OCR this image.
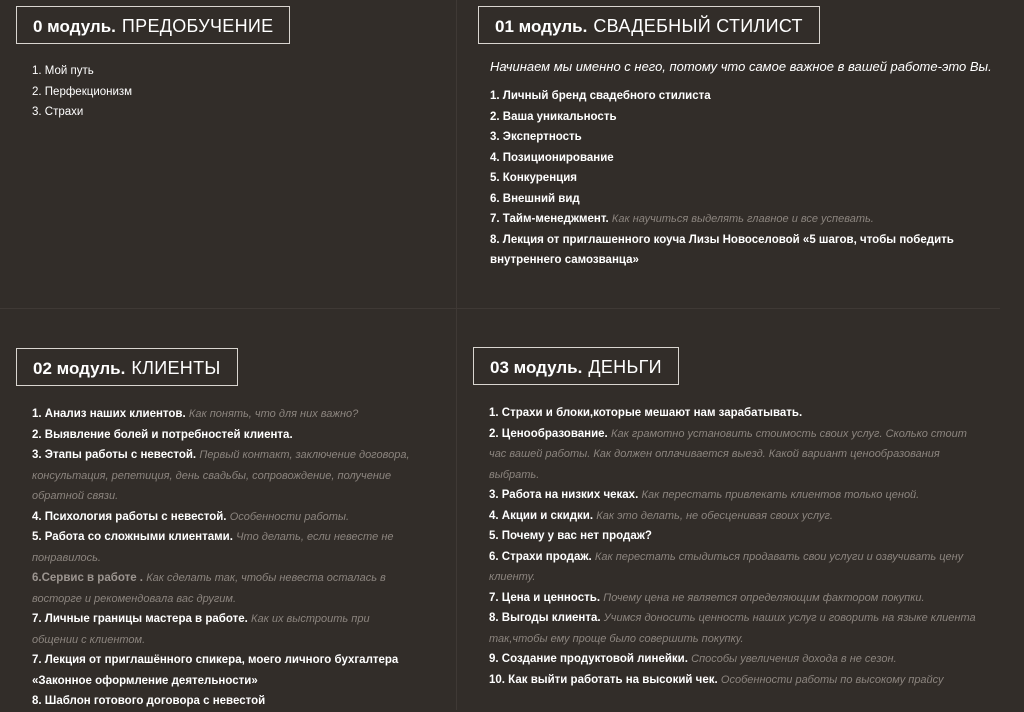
0 модуль. ПРЕДОБУЧЕНИЕ
1. Мой путь
2. Перфекционизм
3. Страхи
01 модуль. СВАДЕБНЫЙ СТИЛИСТ
Начинаем мы именно с него, потому что самое важное в вашей работе-это Вы.
1. Личный бренд свадебного стилиста
2. Ваша уникальность
3. Экспертность
4. Позиционирование
5. Конкуренция
6. Внешний вид
7. Тайм-менеджмент. Как научиться выделять главное и все успевать.
8. Лекция от приглашенного коуча Лизы Новоселовой «5 шагов, чтобы победить внутреннего самозванца»
02 модуль. КЛИЕНТЫ
1. Анализ наших клиентов. Как понять, что для них важно?
2. Выявление болей и потребностей клиента.
3. Этапы работы с невестой. Первый контакт, заключение договора, консультация, репетиция, день свадьбы, сопровождение, получение обратной связи.
4. Психология работы с невестой. Особенности работы.
5. Работа со сложными клиентами. Что делать, если невесте не понравилось.
6.Сервис в работе . Как сделать так, чтобы невеста осталась в восторге и рекомендовала вас другим.
7. Личные границы мастера в работе. Как их выстроить при общении с клиентом.
7. Лекция от приглашённого спикера, моего личного бухгалтера «Законное оформление деятельности»
8. Шаблон готового договора с невестой
03 модуль. ДЕНЬГИ
1. Страхи и блоки,которые мешают нам зарабатывать.
2. Ценообразование. Как грамотно установить стоимость своих услуг. Сколько стоит час вашей работы. Как должен оплачивается выезд. Какой вариант ценообразования выбрать.
3. Работа на низких чеках. Как перестать привлекать клиентов только ценой.
4. Акции и скидки. Как это делать, не обесценивая своих услуг.
5. Почему у вас нет продаж?
6. Страхи продаж. Как перестать стыдиться продавать свои услуги и озвучивать цену клиенту.
7. Цена и ценность. Почему цена не является определяющим фактором покупки.
8. Выгоды клиента. Учимся доносить ценность наших услуг и говорить на языке клиента так,чтобы ему проще было совершить покупку.
9. Создание продуктовой линейки. Способы увеличения дохода в не сезон.
10. Как выйти работать на высокий чек. Особенности работы по высокому прайсу
